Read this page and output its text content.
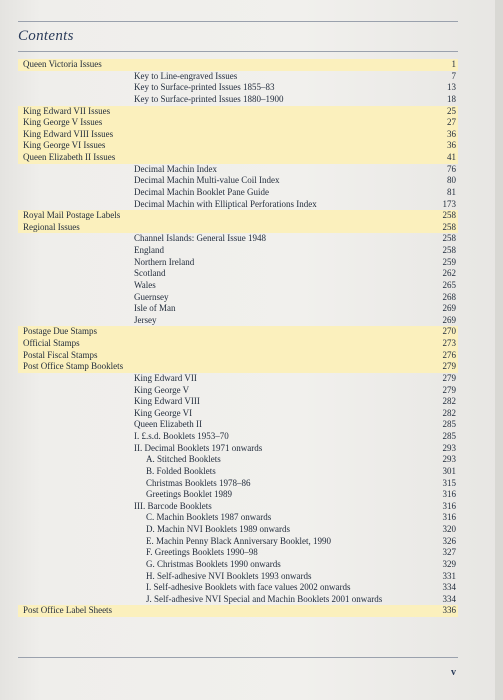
Contents
Queen Victoria Issues	1
Key to Line-engraved Issues	7
Key to Surface-printed Issues 1855–83	13
Key to Surface-printed Issues 1880–1900	18
King Edward VII Issues	25
King George V Issues	27
King Edward VIII Issues	36
King George VI Issues	36
Queen Elizabeth II Issues	41
Decimal Machin Index	76
Decimal Machin Multi-value Coil Index	80
Decimal Machin Booklet Pane Guide	81
Decimal Machin with Elliptical Perforations Index	173
Royal Mail Postage Labels	258
Regional Issues	258
Channel Islands: General Issue 1948	258
England	258
Northern Ireland	259
Scotland	262
Wales	265
Guernsey	268
Isle of Man	269
Jersey	269
Postage Due Stamps	270
Official Stamps	273
Postal Fiscal Stamps	276
Post Office Stamp Booklets	279
King Edward VII	279
King George V	279
King Edward VIII	282
King George VI	282
Queen Elizabeth II	285
I. £.s.d. Booklets 1953–70	285
II. Decimal Booklets 1971 onwards	293
A. Stitched Booklets	293
B. Folded Booklets	301
Christmas Booklets 1978–86	315
Greetings Booklet 1989	316
III. Barcode Booklets	316
C. Machin Booklets 1987 onwards	316
D. Machin NVI Booklets 1989 onwards	320
E. Machin Penny Black Anniversary Booklet, 1990	326
F. Greetings Booklets 1990–98	327
G. Christmas Booklets 1990 onwards	329
H. Self-adhesive NVI Booklets 1993 onwards	331
I. Self-adhesive Booklets with face values 2002 onwards	334
J. Self-adhesive NVI Special and Machin Booklets 2001 onwards	334
Post Office Label Sheets	336
v
